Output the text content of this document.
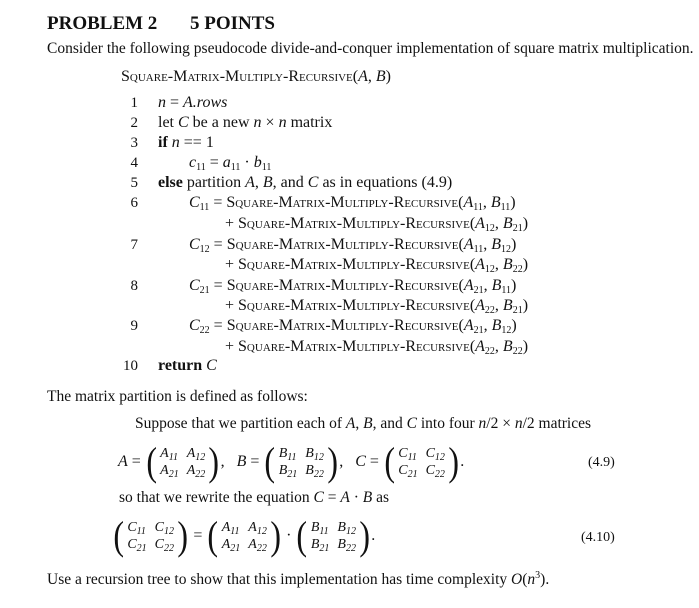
PROBLEM 2 5 POINTS
Consider the following pseudocode divide-and-conquer implementation of square matrix multiplication.
Square-Matrix-Multiply-Recursive(A, B)
1
2
3
4
5
6
7
8
9
10
n = A.rows
let C be a new n × n matrix
if n == 1
$c_{11} = a_{11} \cdot b_{11}$
else partition A, B, and C as in equations (4.9)
$C_{11}$ = Square-$Matrix-Multiply-Recursive(A_{11}$, $B_{11}$)
+ Square-$Matrix-Multiply-Recursive(A_{12}$, $B_{21}$)
$C_{12}$ = Square-$Matrix-Multiply-Recursive(A_{11}$, $B_{12}$)
+ Square-$Matrix-Multiply-Recursive(A_{12}$, $B_{22}$)
$C_{21}$ = Square-$Matrix-Multiply-Recursive(A_{21}$, $B_{11}$)
+ Square-$Matrix-Multiply-Recursive(A_{22}$, $B_{21}$)
$C_{22}$ = Square-$Matrix-Multiply-Recursive(A_{21}$, $B_{12}$)
+ Square-$Matrix-Multiply-Recursive(A_{22}$, $B_{22}$)
return C
The matrix partition is defined as follows:
Suppose that we partition each of A, B, and C into four n/2 × n/2 matrices
A = ( $A_{11}$ $A_{12}$
$A_{21}$ $A_{22}$ ) , B = ( $B_{11}$ $B_{12}$
$B_{21}$ $B_{22}$ ) , C = ( $C_{11}$ $C_{12}$
$C_{21}$ $C_{22}$ ) .	(4.9)
so that we rewrite the equation C = A · B as
( $C_{11}$ $C_{12}$
$C_{21}$ $C_{22}$ ) = ( $A_{11}$ $A_{12}$
$A_{21}$ $A_{22}$ ) · ( $B_{11}$ $B_{12}$
$B_{21}$ $B_{22}$ ) .	(4.10)
Use a recursion tree to show that this implementation has time complexity $O(n^3)$.
